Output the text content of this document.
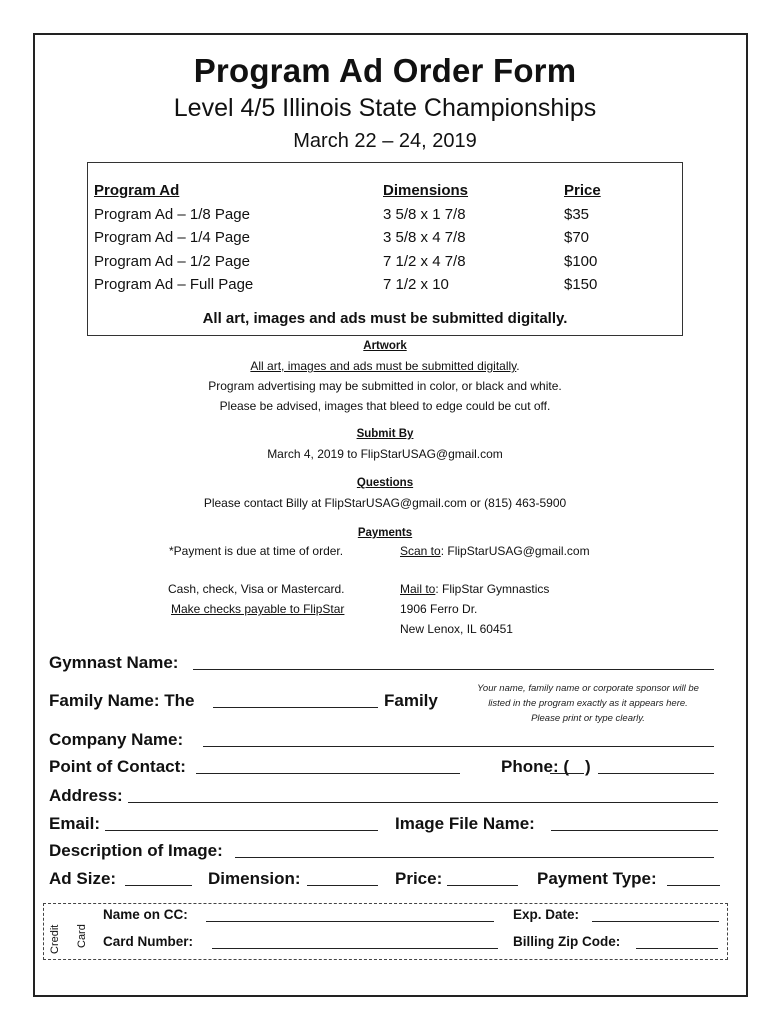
Program Ad Order Form
Level 4/5 Illinois State Championships
March 22 – 24, 2019
Program Ad	Dimensions	Price
Program Ad – 1/8 Page	3 5/8 x 1 7/8	$35
Program Ad – 1/4 Page	3 5/8 x 4 7/8	$70
Program Ad – 1/2 Page	7 1/2 x 4 7/8	$100
Program Ad – Full Page	7 1/2 x 10	$150
All art, images and ads must be submitted digitally.
Artwork
All art, images and ads must be submitted digitally.
Program advertising may be submitted in color, or black and white.
Please be advised, images that bleed to edge could be cut off.
Submit By
March 4, 2019 to FlipStarUSAG@gmail.com
Questions
Please contact Billy at FlipStarUSAG@gmail.com or (815) 463-5900
Payments
*Payment is due at time of order.	Scan to: FlipStarUSAG@gmail.com
Cash, check, Visa or Mastercard.
Make checks payable to FlipStar
Mail to: FlipStar Gymnastics
1906 Ferro Dr.
New Lenox, IL 60451
Gymnast Name:
Family Name: The	Family
Your name, family name or corporate sponsor will be
listed in the program exactly as it appears here.
Please print or type clearly.
Company Name:
Point of Contact:	Phone: ( )
Address:
Email:	Image File Name:
Description of Image:
Ad Size:	Dimension:	Price:	Payment Type:
Credit Card
Name on CC:	Exp. Date:
Card Number:	Billing Zip Code:
